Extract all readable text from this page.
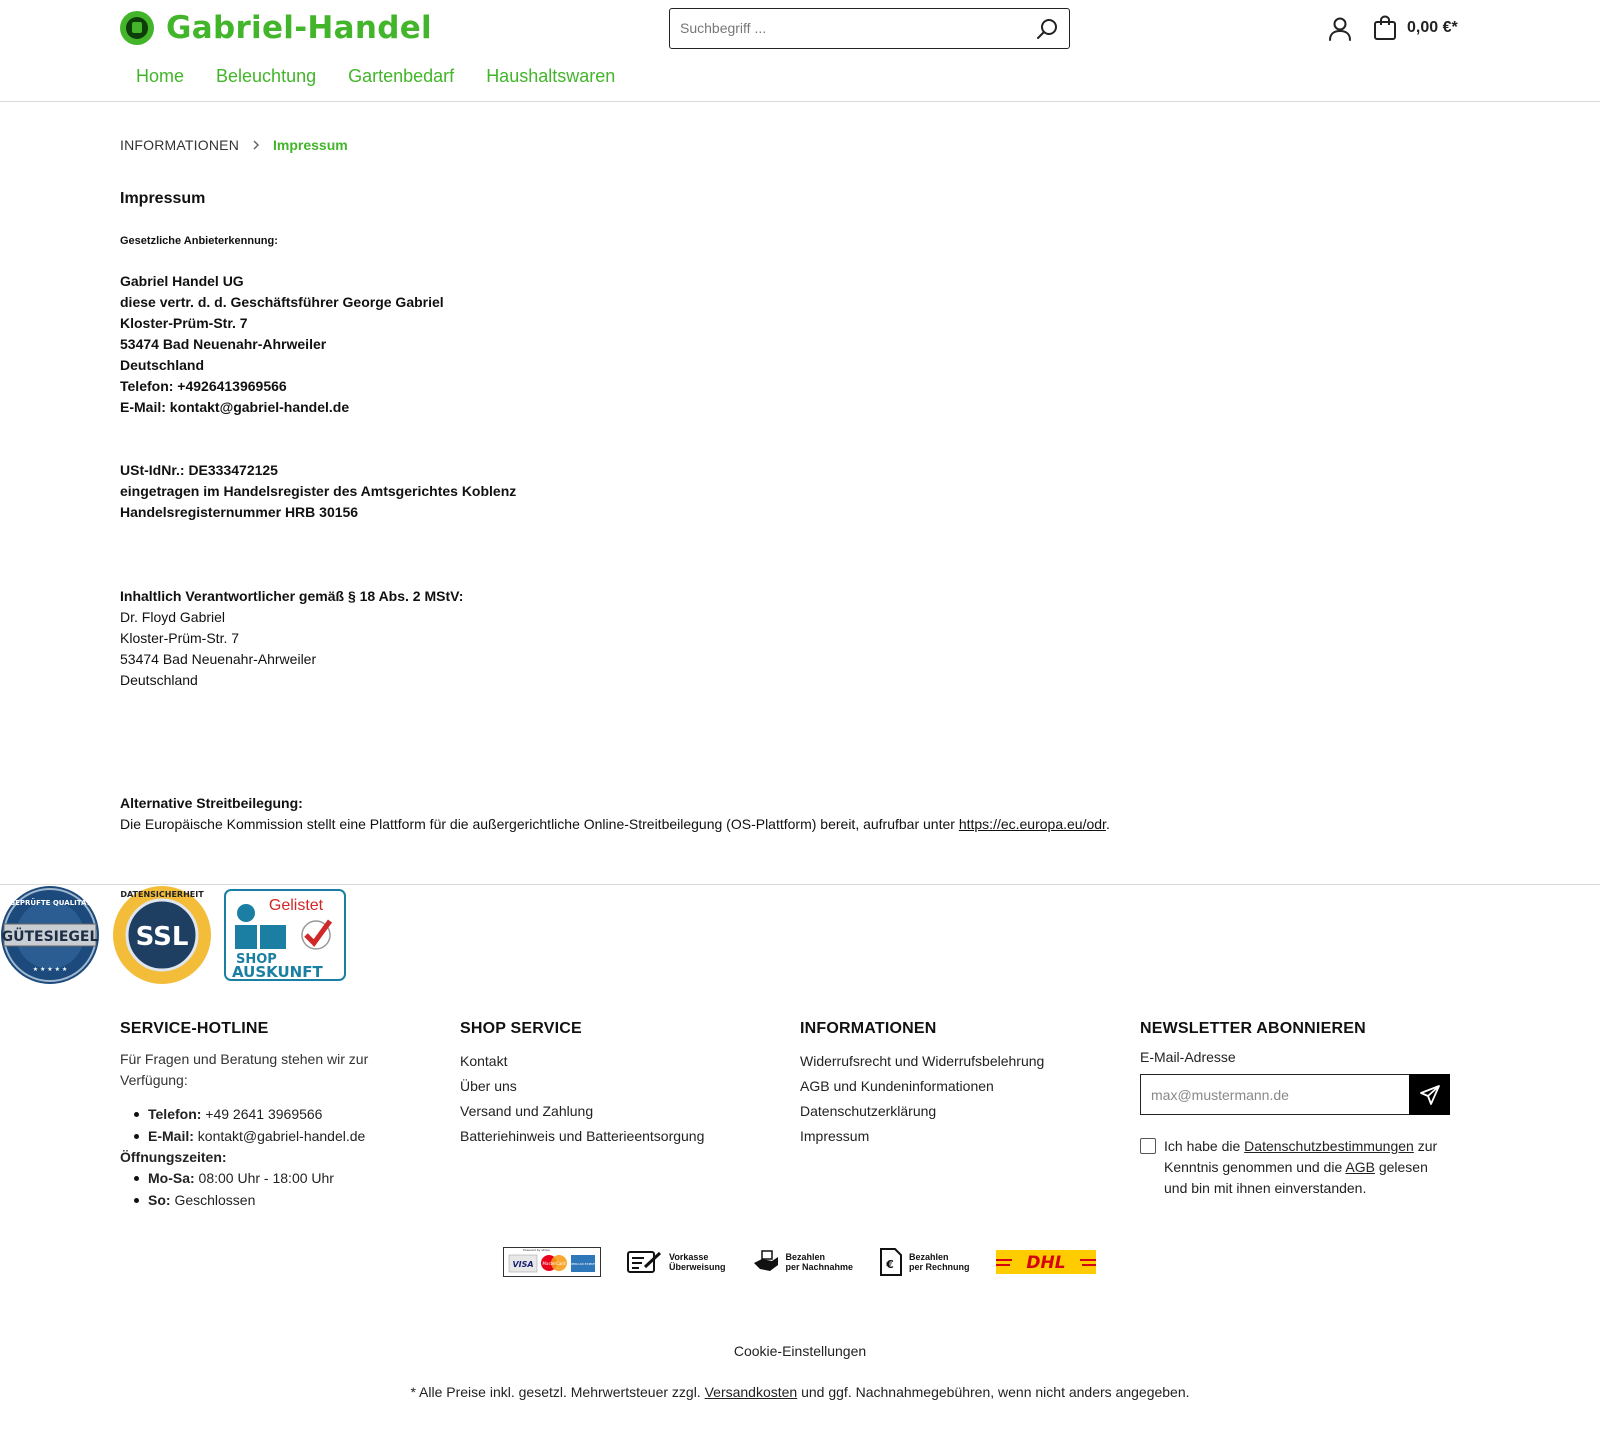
Gabriel-Handel
Suchbegriff ...	0,00 €*
Home Beleuchtung Gartenbedarf Haushaltswaren
INFORMATIONEN Impressum
Impressum
Gesetzliche Anbieterkennung:
Gabriel Handel UG
diese vertr. d. d. Geschäftsführer George Gabriel
Kloster-Prüm-Str. 7
53474 Bad Neuenahr-Ahrweiler
Deutschland
Telefon: +4926413969566
E-Mail: kontakt@gabriel-handel.de
USt-IdNr.: DE333472125
eingetragen im Handelsregister des Amtsgerichtes Koblenz
Handelsregisternummer HRB 30156
Inhaltlich Verantwortlicher gemäß § 18 Abs. 2 MStV:
Dr. Floyd Gabriel
Kloster-Prüm-Str. 7
53474 Bad Neuenahr-Ahrweiler
Deutschland
Alternative Streitbeilegung:
Die Europäische Kommission stellt eine Plattform für die außergerichtliche Online-Streitbeilegung (OS-Plattform) bereit, aufrufbar unter https://ec.europa.eu/odr.
GÜTESIEGEL
GEPRÜFTE QUALITÄT
★ ★ ★ ★ ★
SSL
DATENSICHERHEIT
Gelistet
SHOP
AUSKUNFT
SERVICE-HOTLINE

Für Fragen und Beratung stehen wir zur Verfügung:

Telefon: +49 2641 3969566
E-Mail: kontakt@gabriel-handel.de
Öffnungszeiten:
Mo-Sa: 08:00 Uhr - 18:00 Uhr
So: Geschlossen
SHOP SERVICE
Kontakt
Über uns
Versand und Zahlung
Batteriehinweis und Batterieentsorgung
INFORMATIONEN
Widerrufsrecht und Widerrufsbelehrung
AGB und Kundeninformationen
Datenschutzerklärung
Impressum
NEWSLETTER ABONNIEREN
E-Mail-Adresse
max@mustermann.de
Ich habe die Datenschutzbestimmungen zur Kenntnis genommen und die AGB gelesen und bin mit ihnen einverstanden.
Powered by stripe
VISA MasterCard AMERICAN EXPRESS
Vorkasse
Überweisung
Bezahlen
per Nachnahme	€
Bezahlen
per Rechnung	DHL
Cookie-Einstellungen
* Alle Preise inkl. gesetzl. Mehrwertsteuer zzgl. Versandkosten und ggf. Nachnahmegebühren, wenn nicht anders angegeben.
